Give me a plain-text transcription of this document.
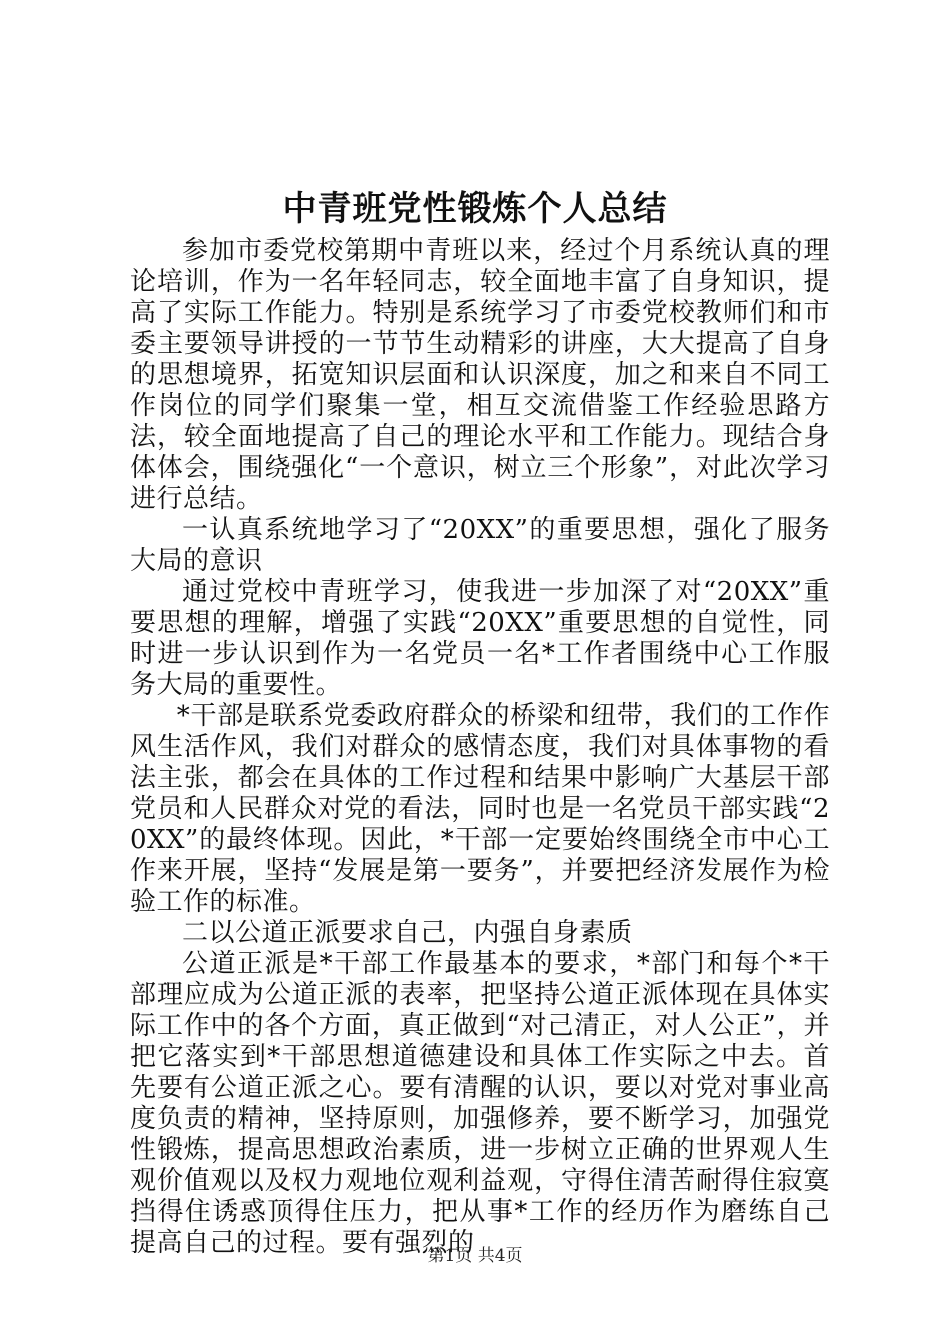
中青班党性锻炼个人总结

参加市委党校第期中青班以来，经过个月系统认真的理论培训，作为一名年轻同志，较全面地丰富了自身知识，提高了实际工作能力。特别是系统学习了市委党校教师们和市委主要领导讲授的一节节生动精彩的讲座，大大提高了自身的思想境界，拓宽知识层面和认识深度，加之和来自不同工作岗位的同学们聚集一堂，相互交流借鉴工作经验思路方法，较全面地提高了自己的理论水平和工作能力。现结合身体体会，围绕强化“一个意识，树立三个形象”，对此次学习进行总结。

一认真系统地学习了“20XX”的重要思想，强化了服务大局的意识

通过党校中青班学习，使我进一步加深了对“20XX”重要思想的理解，增强了实践“20XX”重要思想的自觉性，同时进一步认识到作为一名党员一名*工作者围绕中心工作服务大局的重要性。

*干部是联系党委政府群众的桥梁和纽带，我们的工作作风生活作风，我们对群众的感情态度，我们对具体事物的看法主张，都会在具体的工作过程和结果中影响广大基层干部党员和人民群众对党的看法，同时也是一名党员干部实践“20XX”的最终体现。因此，*干部一定要始终围绕全市中心工作来开展，坚持“发展是第一要务”，并要把经济发展作为检验工作的标准。

二以公道正派要求自己，内强自身素质

公道正派是*干部工作最基本的要求，*部门和每个*干部理应成为公道正派的表率，把坚持公道正派体现在具体实际工作中的各个方面，真正做到“对己清正，对人公正”，并把它落实到*干部思想道德建设和具体工作实际之中去。首先要有公道正派之心。要有清醒的认识，要以对党对事业高度负责的精神，坚持原则，加强修养，要不断学习，加强党性锻炼，提高思想政治素质，进一步树立正确的世界观人生观价值观以及权力观地位观利益观，守得住清苦耐得住寂寞挡得住诱惑顶得住压力，把从事*工作的经历作为磨练自己提高自己的过程。要有强烈的

第1页 共4页
